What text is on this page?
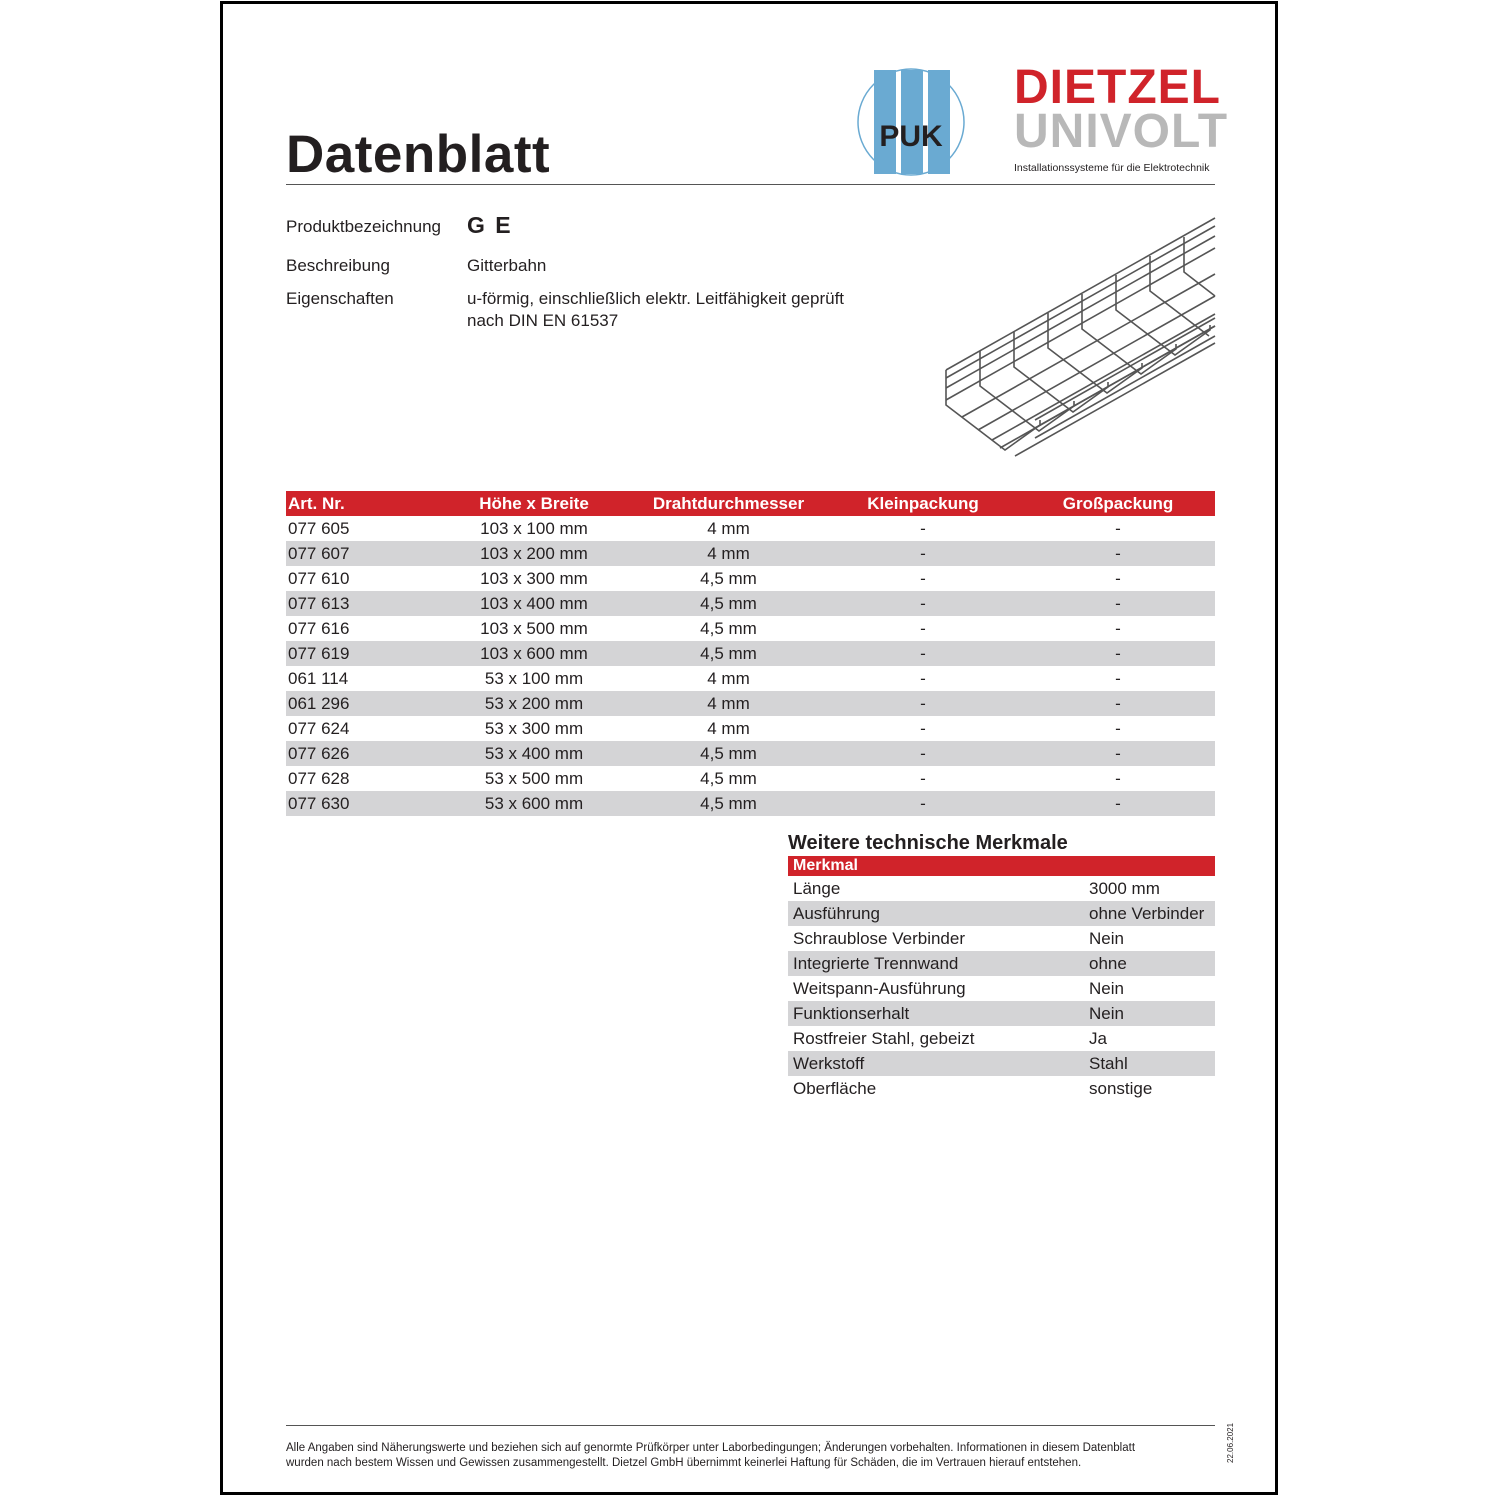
Datenblatt	PUK
DIETZEL
UNIVOLT
Installationssysteme für die Elektrotechnik
Produktbezeichnung G E
Beschreibung	Gitterbahn
Eigenschaften	u-förmig, einschließlich elektr. Leitfähigkeit geprüft
nach DIN EN 61537
Art. Nr.	Höhe x Breite	Drahtdurchmesser	Kleinpackung	Großpackung
077 605	103 x 100 mm	4 mm	-	-
077 607	103 x 200 mm	4 mm	-	-
077 610	103 x 300 mm	4,5 mm	-	-
077 613	103 x 400 mm	4,5 mm	-	-
077 616	103 x 500 mm	4,5 mm	-	-
077 619	103 x 600 mm	4,5 mm	-	-
061 114	53 x 100 mm	4 mm	-	-
061 296	53 x 200 mm	4 mm	-	-
077 624	53 x 300 mm	4 mm	-	-
077 626	53 x 400 mm	4,5 mm	-	-
077 628	53 x 500 mm	4,5 mm	-	-
077 630	53 x 600 mm	4,5 mm	-	-
Weitere technische Merkmale
Merkmal	
Länge	3000 mm
Ausführung	ohne Verbinder
Schraublose Verbinder	Nein
Integrierte Trennwand	ohne
Weitspann-Ausführung	Nein
Funktionserhalt	Nein
Rostfreier Stahl, gebeizt	Ja
Werkstoff	Stahl
Oberfläche	sonstige
Alle Angaben sind Näherungswerte und beziehen sich auf genormte Prüfkörper unter Laborbedingungen; Änderungen vorbehalten. Informationen in diesem Datenblatt
wurden nach bestem Wissen und Gewissen zusammengestellt. Dietzel GmbH übernimmt keinerlei Haftung für Schäden, die im Vertrauen hierauf entstehen.	22.06.2021
